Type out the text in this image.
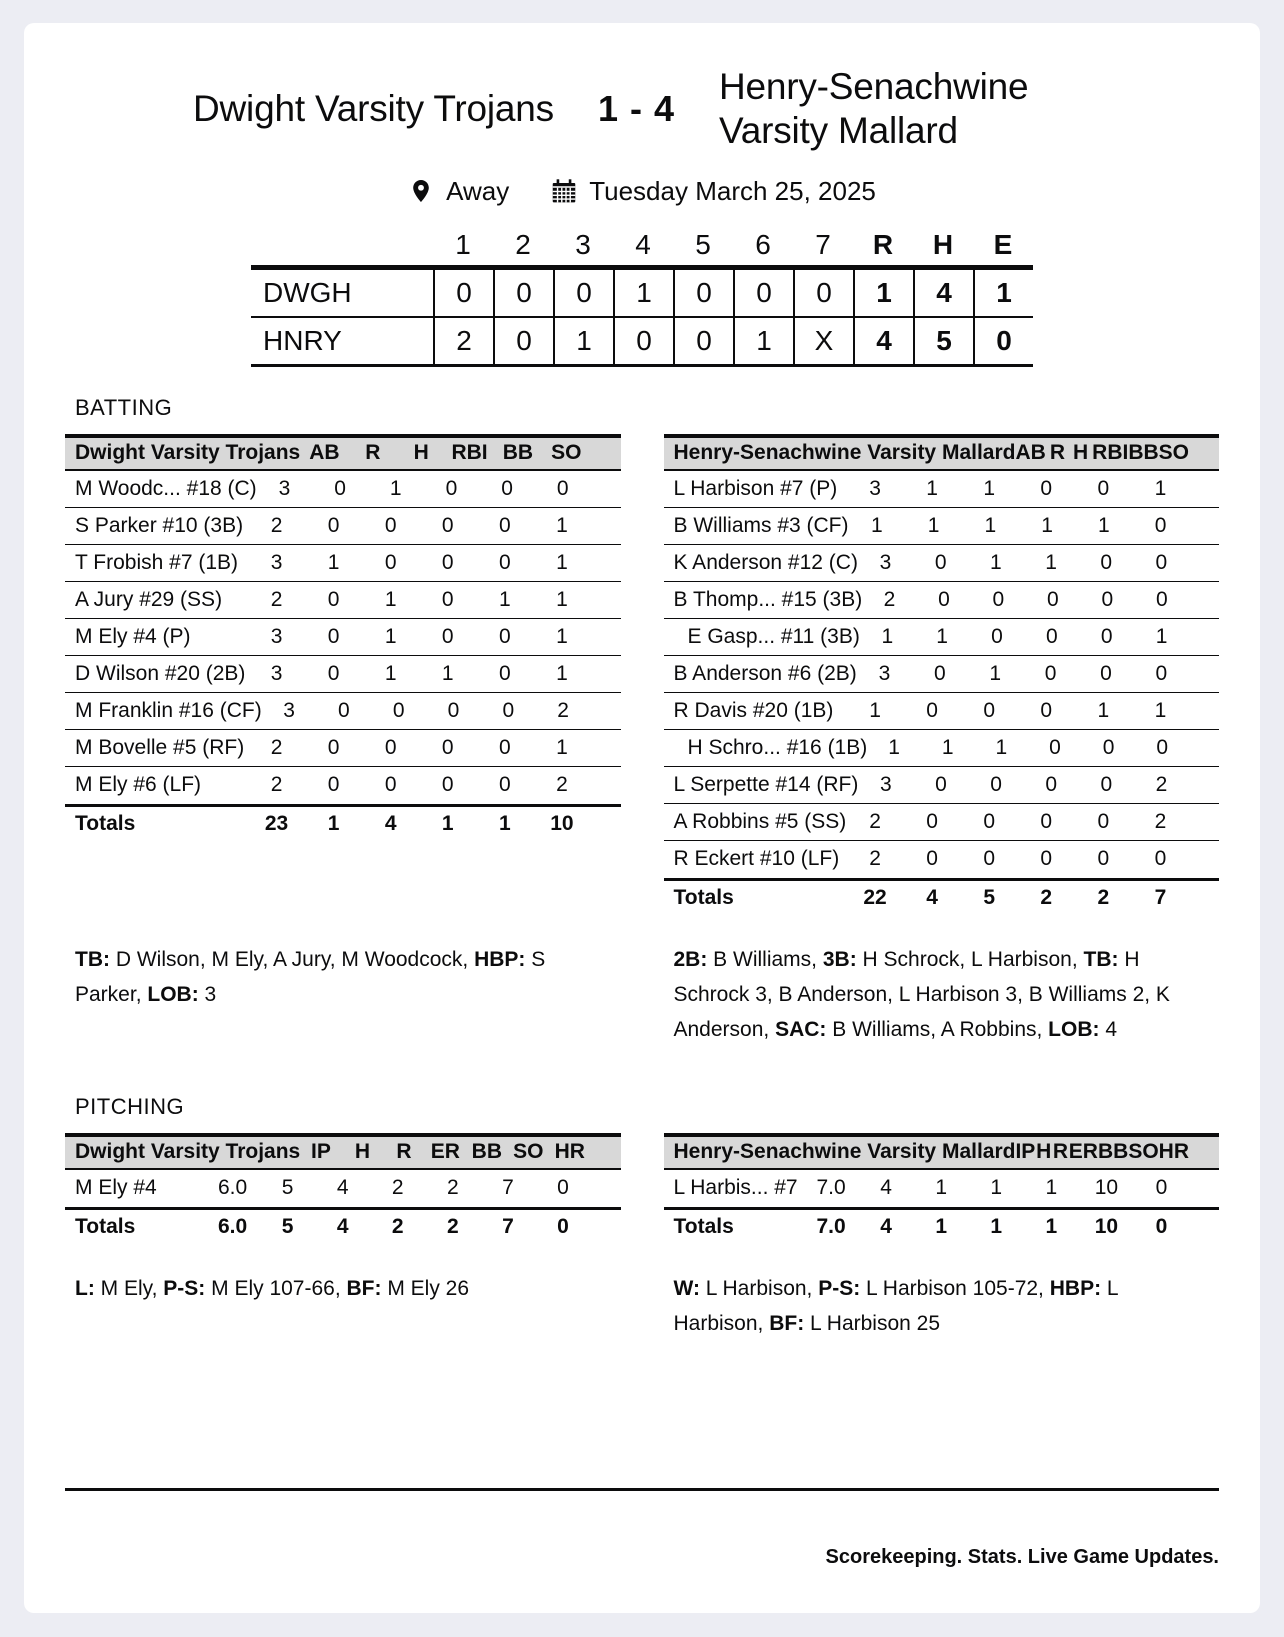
Dwight Varsity Trojans 1 - 4
Henry-Senachwine Varsity Mallard
Away	Tuesday March 25, 2025
1	2	3	4	5	6	7	R	H	E
DWGH	0	0	0	1	0	0	0	1	4	1
HNRY	2	0	1	0	0	1	X	4	5	0
BATTING
Dwight Varsity Trojans AB	R	H	RBI BB SO
M Woodc... #18 (C)	3	0	1	0	0	0
S Parker #10 (3B)	2	0	0	0	0	1
T Frobish #7 (1B)	3	1	0	0	0	1
A Jury #29 (SS)	2	0	1	0	1	1
M Ely #4 (P)	3	0	1	0	0	1
D Wilson #20 (2B)	3	0	1	1	0	1
M Franklin #16 (CF)	3	0	0	0	0	2
M Bovelle #5 (RF)	2	0	0	0	0	1
M Ely #6 (LF)	2	0	0	0	0	2
Totals	23	1	4	1	1	10
Henry-Senachwine Varsity Mallard AB R H RBI BB SO
L Harbison #7 (P)	3	1	1	0	0	1
B Williams #3 (CF)	1	1	1	1	1	0
K Anderson #12 (C)	3	0	1	1	0	0
B Thomp... #15 (3B)	2	0	0	0	0	0
E Gasp... #11 (3B)	1	1	0	0	0	1
B Anderson #6 (2B)	3	0	1	0	0	0
R Davis #20 (1B)	1	0	0	0	1	1
H Schro... #16 (1B) 1	1	1	0	0	0
L Serpette #14 (RF)	3	0	0	0	0	2
A Robbins #5 (SS)	2	0	0	0	0	2
R Eckert #10 (LF)	2	0	0	0	0	0
Totals	22	4	5	2	2	7
TB: D Wilson, M Ely, A Jury, M Woodcock, HBP: S Parker, LOB: 3
2B: B Williams, 3B: H Schrock, L Harbison, TB: H Schrock 3, B Anderson, L Harbison 3, B Williams 2, K Anderson, SAC: B Williams, A Robbins, LOB: 4
PITCHING
Dwight Varsity Trojans IP	H	R ER BB SO HR
M Ely #4	6.0	5	4	2	2	7	0
Totals	6.0	5	4	2	2	7	0
Henry-Senachwine Varsity Mallard IP H R ER BB SO HR
L Harbis... #7 7.0	4	1	1	1	10	0
Totals	7.0	4	1	1	1	10	0
L: M Ely, P-S: M Ely 107-66, BF: M Ely 26	W: L Harbison, P-S: L Harbison 105-72, HBP: L Harbison, BF: L Harbison 25
Scorekeeping. Stats. Live Game Updates.
